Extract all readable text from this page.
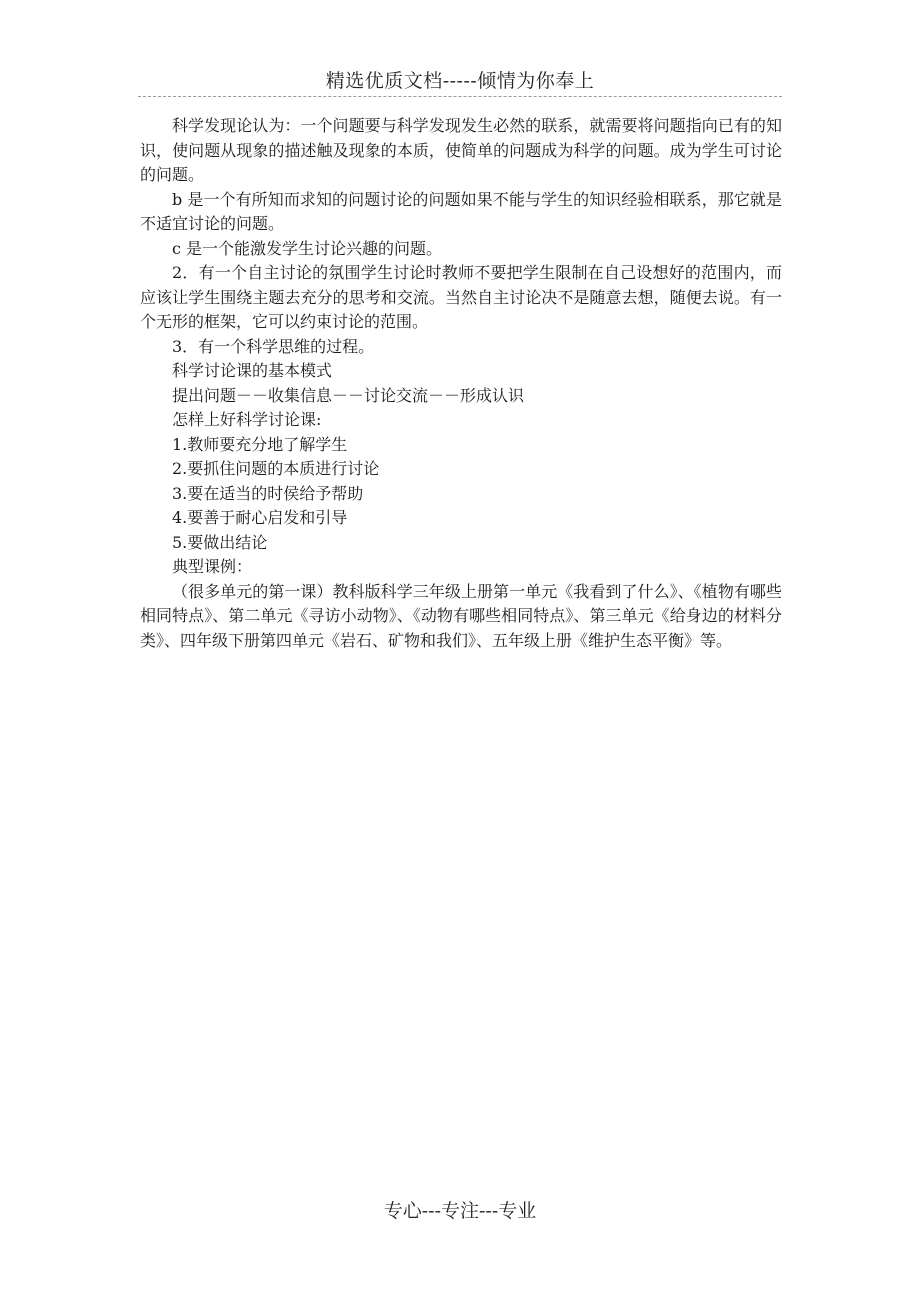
精选优质文档-----倾情为你奉上

科学发现论认为：一个问题要与科学发现发生必然的联系，就需要将问题指向已有的知识，使问题从现象的描述触及现象的本质，使简单的问题成为科学的问题。成为学生可讨论的问题。

b 是一个有所知而求知的问题讨论的问题如果不能与学生的知识经验相联系，那它就是不适宜讨论的问题。

c 是一个能激发学生讨论兴趣的问题。

2．有一个自主讨论的氛围学生讨论时教师不要把学生限制在自己设想好的范围内，而应该让学生围绕主题去充分的思考和交流。当然自主讨论决不是随意去想，随便去说。有一个无形的框架，它可以约束讨论的范围。

3．有一个科学思维的过程。

科学讨论课的基本模式

提出问题－－收集信息－－讨论交流－－形成认识

怎样上好科学讨论课:

1.教师要充分地了解学生

2.要抓住问题的本质进行讨论

3.要在适当的时侯给予帮助

4.要善于耐心启发和引导

5.要做出结论

典型课例：

（很多单元的第一课）教科版科学三年级上册第一单元《我看到了什么》、《植物有哪些相同特点》、第二单元《寻访小动物》、《动物有哪些相同特点》、第三单元《给身边的材料分类》、四年级下册第四单元《岩石、矿物和我们》、五年级上册《维护生态平衡》等。

专心---专注---专业
